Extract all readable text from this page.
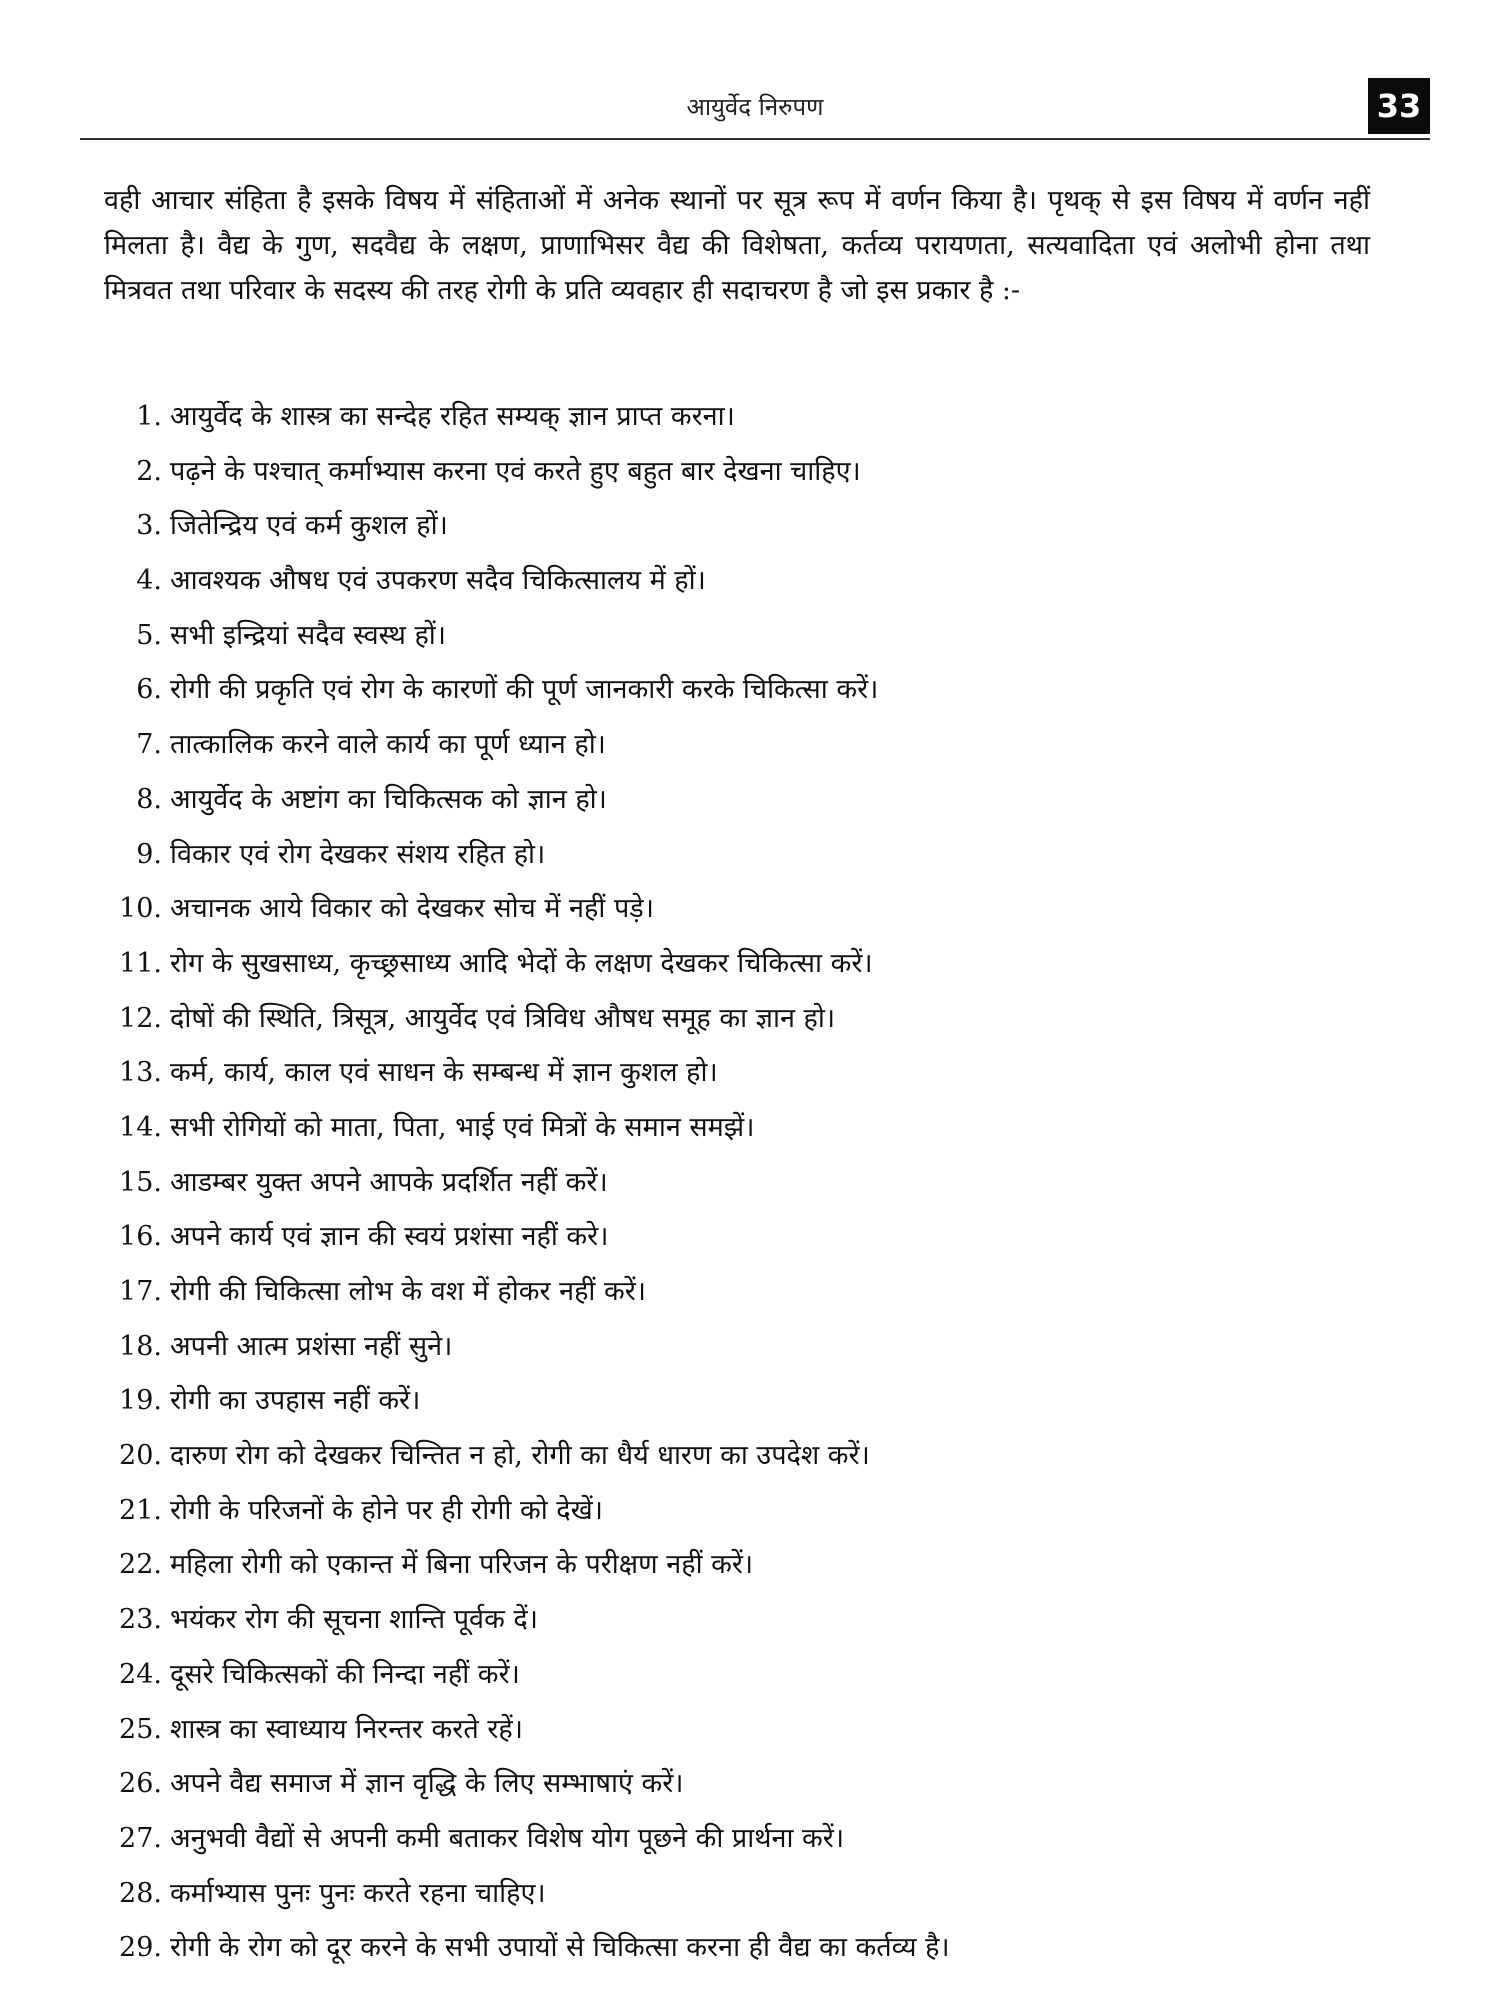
आयुर्वेद निरुपण	33

वही आचार संहिता है इसके विषय में संहिताओं में अनेक स्थानों पर सूत्र रूप में वर्णन किया है। पृथक् से इस विषय में वर्णन नहीं मिलता है। वैद्य के गुण, सदवैद्य के लक्षण, प्राणाभिसर वैद्य की विशेषता, कर्तव्य परायणता, सत्यवादिता एवं अलोभी होना तथा मित्रवत तथा परिवार के सदस्य की तरह रोगी के प्रति व्यवहार ही सदाचरण है जो इस प्रकार है :-

1. आयुर्वेद के शास्त्र का सन्देह रहित सम्यक् ज्ञान प्राप्त करना।
2. पढ़ने के पश्चात् कर्माभ्यास करना एवं करते हुए बहुत बार देखना चाहिए।
3. जितेन्द्रिय एवं कर्म कुशल हों।
4. आवश्यक औषध एवं उपकरण सदैव चिकित्सालय में हों।
5. सभी इन्द्रियां सदैव स्वस्थ हों।
6. रोगी की प्रकृति एवं रोग के कारणों की पूर्ण जानकारी करके चिकित्सा करें।
7. तात्कालिक करने वाले कार्य का पूर्ण ध्यान हो।
8. आयुर्वेद के अष्टांग का चिकित्सक को ज्ञान हो।
9. विकार एवं रोग देखकर संशय रहित हो।
10. अचानक आये विकार को देखकर सोच में नहीं पड़े।
11. रोग के सुखसाध्य, कृच्छ्रसाध्य आदि भेदों के लक्षण देखकर चिकित्सा करें।
12. दोषों की स्थिति, त्रिसूत्र, आयुर्वेद एवं त्रिविध औषध समूह का ज्ञान हो।
13. कर्म, कार्य, काल एवं साधन के सम्बन्ध में ज्ञान कुशल हो।
14. सभी रोगियों को माता, पिता, भाई एवं मित्रों के समान समझें।
15. आडम्बर युक्त अपने आपके प्रदर्शित नहीं करें।
16. अपने कार्य एवं ज्ञान की स्वयं प्रशंसा नहीं करे।
17. रोगी की चिकित्सा लोभ के वश में होकर नहीं करें।
18. अपनी आत्म प्रशंसा नहीं सुने।
19. रोगी का उपहास नहीं करें।
20. दारुण रोग को देखकर चिन्तित न हो, रोगी का धैर्य धारण का उपदेश करें।
21. रोगी के परिजनों के होने पर ही रोगी को देखें।
22. महिला रोगी को एकान्त में बिना परिजन के परीक्षण नहीं करें।
23. भयंकर रोग की सूचना शान्ति पूर्वक दें।
24. दूसरे चिकित्सकों की निन्दा नहीं करें।
25. शास्त्र का स्वाध्याय निरन्तर करते रहें।
26. अपने वैद्य समाज में ज्ञान वृद्धि के लिए सम्भाषाएं करें।
27. अनुभवी वैद्यों से अपनी कमी बताकर विशेष योग पूछने की प्रार्थना करें।
28. कर्माभ्यास पुनः पुनः करते रहना चाहिए।
29. रोगी के रोग को दूर करने के सभी उपायों से चिकित्सा करना ही वैद्य का कर्तव्य है।
